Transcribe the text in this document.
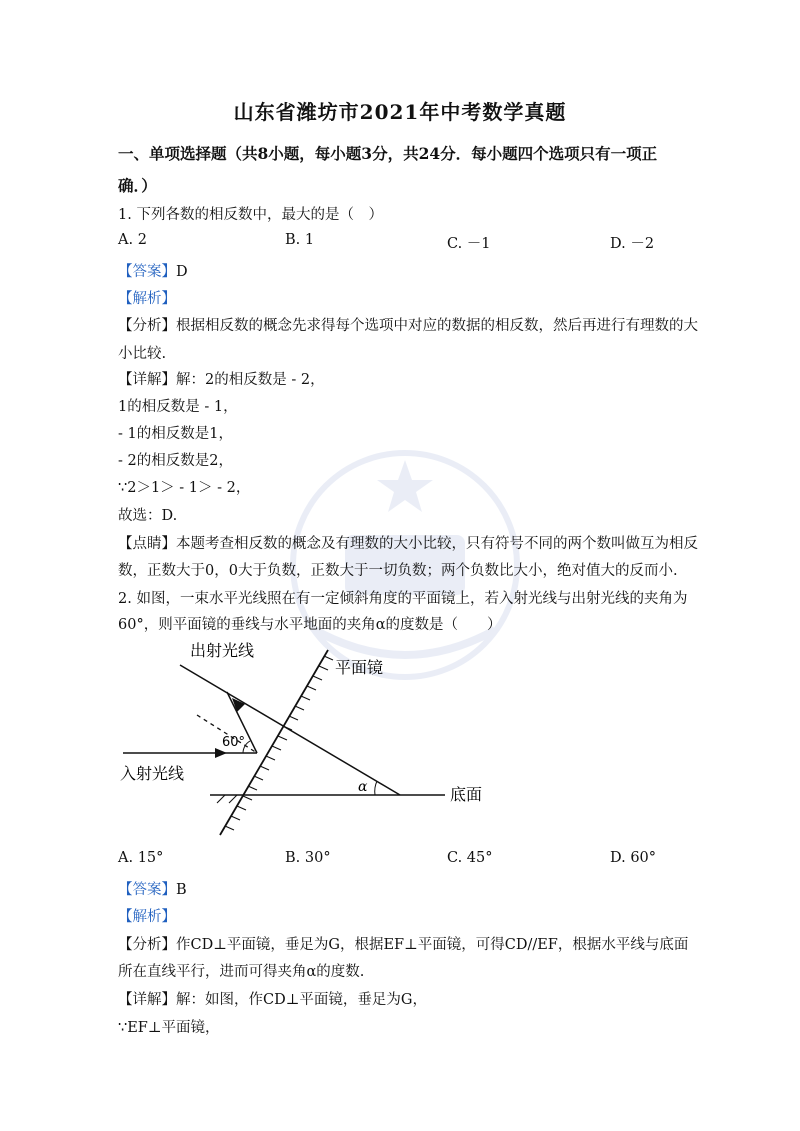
山东省潍坊市2021年中考数学真题
一、单项选择题（共8小题，每小题3分，共24分．每小题四个选项只有一项正确．）
1. 下列各数的相反数中，最大的是（　）
A. 2	B. 1	C. －1	D. －2
【答案】D
【解析】
【分析】根据相反数的概念先求得每个选项中对应的数据的相反数，然后再进行有理数的大
小比较.
【详解】解：2的相反数是 - 2，
1的相反数是 - 1，
- 1的相反数是1，
- 2的相反数是2，
∵2＞1＞ - 1＞ - 2，
故选：D.
【点睛】本题考查相反数的概念及有理数的大小比较，只有符号不同的两个数叫做互为相反
数，正数大于0，0大于负数，正数大于一切负数；两个负数比大小，绝对值大的反而小.
2. 如图，一束水平光线照在有一定倾斜角度的平面镜上，若入射光线与出射光线的夹角为
60°，则平面镜的垂线与水平地面的夹角α的度数是（　　）
出射光线
平面镜
60°
入射光线
α	底面
A. 15°	B. 30°	C. 45°	D. 60°
【答案】B
【解析】
【分析】作CD⊥平面镜，垂足为G，根据EF⊥平面镜，可得CD//EF，根据水平线与底面
所在直线平行，进而可得夹角α的度数.
【详解】解：如图，作CD⊥平面镜，垂足为G，
∵EF⊥平面镜，
